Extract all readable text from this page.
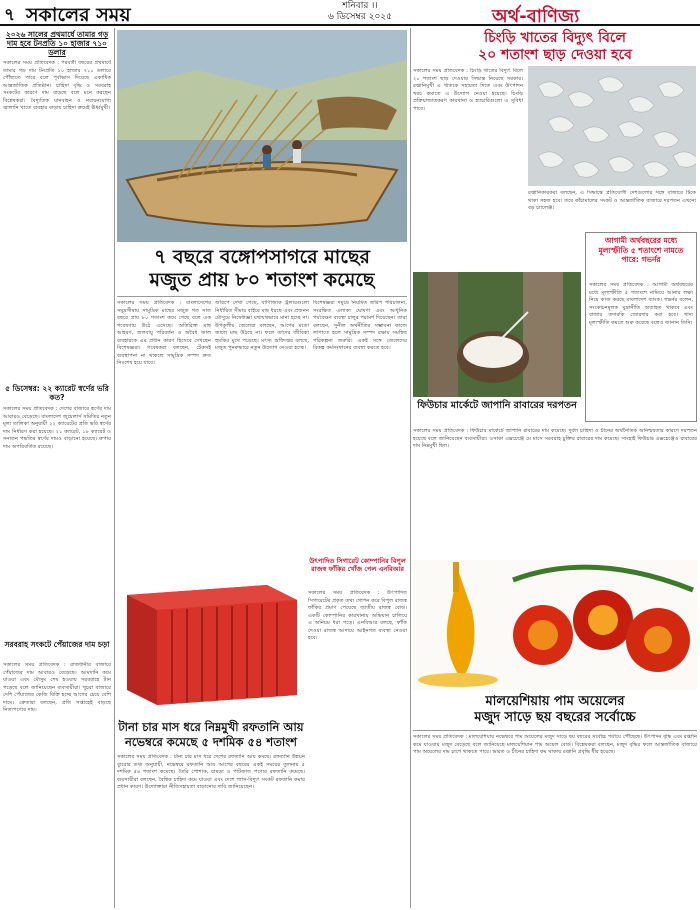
৭ সকালের সময়	শনিবার ।।
৬ ডিসেম্বর ২০২৫	অর্থ-বাণিজ্য
২০২৬ সালের প্রথমার্ধে তামার গড় দাম হবে টনপ্রতি ১০ হাজার ৭১০ ডলার
সকালের সময় প্রতিবেদক : পরবর্তী বছরের প্রথমার্ধে তামার গড় দাম টনপ্রতি ১০ হাজার ৭১০ ডলারে পৌঁছাতে পারে বলে পূর্বাভাস দিয়েছে একাধিক আন্তর্জাতিক প্রতিষ্ঠান। চাহিদা বৃদ্ধি ও সরবরাহ সংকটের কারণে দাম বাড়ছে বলে মনে করছেন বিশ্লেষকরা। বৈদ্যুতিক যানবাহন ও নবায়নযোগ্য জ্বালানি খাতে ব্যবহার বাড়ায় চাহিদা ক্রমেই ঊর্ধ্বমুখী।
৫ ডিসেম্বর: ২২ ক্যারেট স্বর্ণের ভরি কত?
সকালের সময় প্রতিবেদক : দেশের বাজারে স্বর্ণের দাম আবারও বেড়েছে। বাংলাদেশ জুয়েলার্স সমিতির নতুন মূল্য তালিকা অনুযায়ী ২২ ক্যারেটের প্রতি ভরি স্বর্ণের দাম নির্ধারণ করা হয়েছে। ২১ ক্যারেট, ১৮ ক্যারেট ও সনাতন পদ্ধতির স্বর্ণের দামও বাড়ানো হয়েছে। রুপার দাম অপরিবর্তিত রয়েছে।
সরবরাহ সংকটে পেঁয়াজের দাম চড়া
সকালের সময় প্রতিবেদক : রাজধানীর বাজারে পেঁয়াজের দাম আবারও বেড়েছে। আমদানি কমে যাওয়া এবং মৌসুম শেষ হওয়ায় সরবরাহে টান পড়েছে বলে জানিয়েছেন ব্যবসায়ীরা। খুচরা বাজারে দেশি পেঁয়াজের কেজি বিক্রি হচ্ছে আগের চেয়ে বেশি দামে। ক্রেতারা বলছেন, প্রতি সপ্তাহেই বাড়ছে নিত্যপণ্যের দাম।
৭ বছরে বঙ্গোপসাগরে মাছের
মজুত প্রায় ৮০ শতাংশ কমেছে
সকালের সময় প্রতিবেদক : বাংলাদেশের সমুদ্রসীমায় সামুদ্রিক মাছের মজুত গত সাত বছরে প্রায় ৮০ শতাংশ কমে গেছে বলে এক গবেষণায় উঠে এসেছে। অতিরিক্ত মাছ আহরণ, জলবায়ু পরিবর্তন ও অবৈধ জাল ব্যবহারকে এর প্রধান কারণ হিসেবে দেখছেন বিশেষজ্ঞরা। গবেষকরা বলছেন, টেকসই ব্যবস্থাপনা না থাকলে সামুদ্রিক সম্পদ দ্রুত নিঃশেষ হয়ে যাবে।
জরিপে দেখা গেছে, বাণিজ্যিক ট্রলারগুলো নির্ধারিত সীমার বাইরে মাছ ধরছে এবং প্রজনন মৌসুমে নিষেধাজ্ঞা যথাযথভাবে মানা হচ্ছে না। উপকূলীয় জেলেরা বলছেন, আগের মতো জালে মাছ উঠছে না। ফলে তাদের জীবিকা হুমকির মুখে পড়েছে। মৎস্য অধিদপ্তর বলছে, মজুত পুনরুদ্ধারে নতুন উদ্যোগ নেওয়া হচ্ছে।
বিশেষজ্ঞরা সমুদ্রে নিয়মিত জরিপ পরিচালনা, সংরক্ষিত এলাকা ঘোষণা এবং আধুনিক পর্যবেক্ষণ ব্যবস্থা চালুর পরামর্শ দিয়েছেন। তারা বলছেন, সুনীল অর্থনীতির সম্ভাবনা কাজে লাগাতে হলে সামুদ্রিক সম্পদ রক্ষায় সমন্বিত পরিকল্পনা জরুরি। একই সঙ্গে জেলেদের বিকল্প কর্মসংস্থানের ব্যবস্থা করতে হবে।
উৎপাদিত সিগারেট কোম্পানির বিপুল রাজস্ব ফাঁকির খোঁজ পেল এনবিআর
সকালের সময় প্রতিবেদক : উৎপাদিত সিগারেটের প্রকৃত তথ্য গোপন করে বিপুল রাজস্ব ফাঁকির প্রমাণ পেয়েছে জাতীয় রাজস্ব বোর্ড। একটি কোম্পানির কারখানায় অভিযান চালিয়ে এ অনিয়ম ধরা পড়ে। এনবিআর বলছে, ফাঁকি দেওয়া রাজস্ব আদায়ে আইনগত ব্যবস্থা নেওয়া হবে।
টানা চার মাস ধরে নিম্নমুখী রফতানি আয়
নভেম্বরে কমেছে ৫ দশমিক ৫৪ শতাংশ
সকালের সময় প্রতিবেদক : টানা চার মাস ধরে দেশের রফতানি আয় কমছে। রফতানি উন্নয়ন ব্যুরোর তথ্য অনুযায়ী, নভেম্বরে রফতানি আয় আগের বছরের একই সময়ের তুলনায় ৫ দশমিক ৫৪ শতাংশ কমেছে। তৈরি পোশাক, চামড়া ও পাটজাত পণ্যের রফতানি কমেছে। ব্যবসায়ীরা বলছেন, বৈশ্বিক চাহিদা কমে যাওয়া এবং দেশে গ্যাস-বিদ্যুৎ সংকট রফতানি কমার প্রধান কারণ। উদ্যোক্তারা নীতিসহায়তা বাড়ানোর দাবি জানিয়েছেন।
চিংড়ি খাতের বিদ্যুৎ বিলে
২০ শতাংশ ছাড় দেওয়া হবে
সকালের সময় প্রতিবেদক : চিংড়ি খাতের বিদ্যুৎ বিলে ২০ শতাংশ ছাড় দেওয়ার সিদ্ধান্ত নিয়েছে সরকার। রপ্তানিমুখী এ খাতকে সহায়তা দিতে এবং উৎপাদন খরচ কমাতে এ উদ্যোগ নেওয়া হয়েছে। চিংড়ি প্রক্রিয়াজাতকরণ কারখানা ও হ্যাচারিগুলো এ সুবিধা পাবে।
রপ্তানিকারকরা বলছেন, এ সিদ্ধান্তে প্রতিযোগী দেশগুলোর সঙ্গে বাজারে টিকে থাকা সহজ হবে। তবে কাঁচামালের সংকট ও আন্তর্জাতিক বাজারে দরপতন এখনো বড় চ্যালেঞ্জ।
ফিউচার মার্কেটে জাপানি রাবারের দরপতন
সকালের সময় প্রতিবেদক : ফিউচার মার্কেটে জাপানি রাবারের দাম কমেছে। দুর্বল চাহিদা ও চীনের অর্থনৈতিক অনিশ্চয়তার কারণে দরপতন হয়েছে বলে জানিয়েছেন ব্যবসায়ীরা। ওসাকা এক্সচেঞ্জে মে মাসে সরবরাহ চুক্তির রাবারের দাম কমেছে। সাংহাই ফিউচার এক্সচেঞ্জেও রাবারের দাম নিম্নমুখী ছিল।
আগামী অর্থবছরের মধ্যে মূল্যস্ফীতি ৫ শতাংশে নামতে পারে: গভর্নর
সকালের সময় প্রতিবেদক : আগামী অর্থবছরের মধ্যে মূল্যস্ফীতি ৫ শতাংশে নামিয়ে আনার লক্ষ্য নিয়ে কাজ করছে বাংলাদেশ ব্যাংক। গভর্নর বলেন, সংকোচনমূলক মুদ্রানীতি অব্যাহত থাকবে এবং বাজার তদারকি জোরদার করা হবে। খাদ্য মূল্যস্ফীতি কমতে শুরু করেছে বলেও জানান তিনি।
মালয়েশিয়ায় পাম অয়েলের
মজুদ সাড়ে ছয় বছরের সর্বোচ্চে
সকালের সময় প্রতিবেদক : মালয়েশিয়ায় নভেম্বরে পাম অয়েলের মজুদ সাড়ে ছয় বছরের সর্বোচ্চ পর্যায়ে পৌঁছেছে। উৎপাদন বৃদ্ধি এবং রপ্তানি কমে যাওয়ায় মজুদ বেড়েছে বলে জানিয়েছে মালয়েশিয়ান পাম অয়েল বোর্ড। বিশ্লেষকরা বলছেন, মজুদ বৃদ্ধির ফলে আন্তর্জাতিক বাজারে পাম অয়েলের দাম চাপে থাকতে পারে। ভারত ও চীনের চাহিদা কম থাকায় রপ্তানি প্রবৃদ্ধি ধীর হয়েছে।
